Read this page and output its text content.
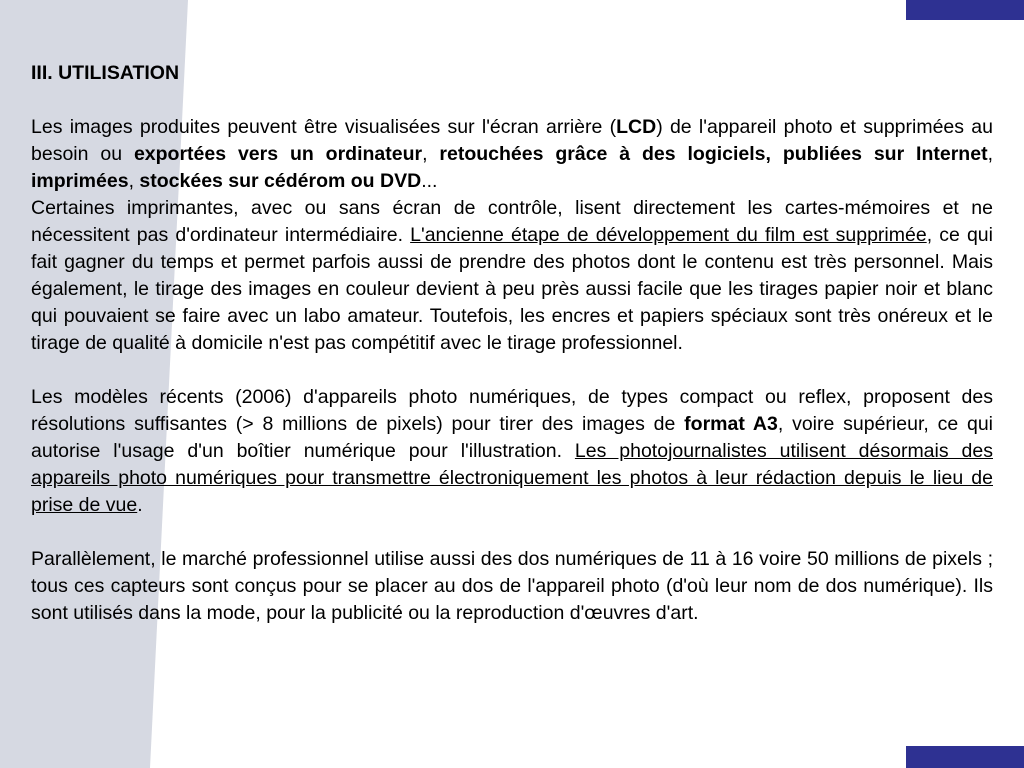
III. UTILISATION

Les images produites peuvent être visualisées sur l'écran arrière (LCD) de l'appareil photo et supprimées au besoin ou exportées vers un ordinateur, retouchées grâce à des logiciels, publiées sur Internet, imprimées, stockées sur cédérom ou DVD...

Certaines imprimantes, avec ou sans écran de contrôle, lisent directement les cartes-mémoires et ne nécessitent pas d'ordinateur intermédiaire. L'ancienne étape de développement du film est supprimée, ce qui fait gagner du temps et permet parfois aussi de prendre des photos dont le contenu est très personnel. Mais également, le tirage des images en couleur devient à peu près aussi facile que les tirages papier noir et blanc qui pouvaient se faire avec un labo amateur. Toutefois, les encres et papiers spéciaux sont très onéreux et le tirage de qualité à domicile n'est pas compétitif avec le tirage professionnel.

Les modèles récents (2006) d'appareils photo numériques, de types compact ou reflex, proposent des résolutions suffisantes (> 8 millions de pixels) pour tirer des images de format A3, voire supérieur, ce qui autorise l'usage d'un boîtier numérique pour l'illustration. Les photojournalistes utilisent désormais des appareils photo numériques pour transmettre électroniquement les photos à leur rédaction depuis le lieu de prise de vue.

Parallèlement, le marché professionnel utilise aussi des dos numériques de 11 à 16 voire 50 millions de pixels ; tous ces capteurs sont conçus pour se placer au dos de l'appareil photo (d'où leur nom de dos numérique). Ils sont utilisés dans la mode, pour la publicité ou la reproduction d'œuvres d'art.
